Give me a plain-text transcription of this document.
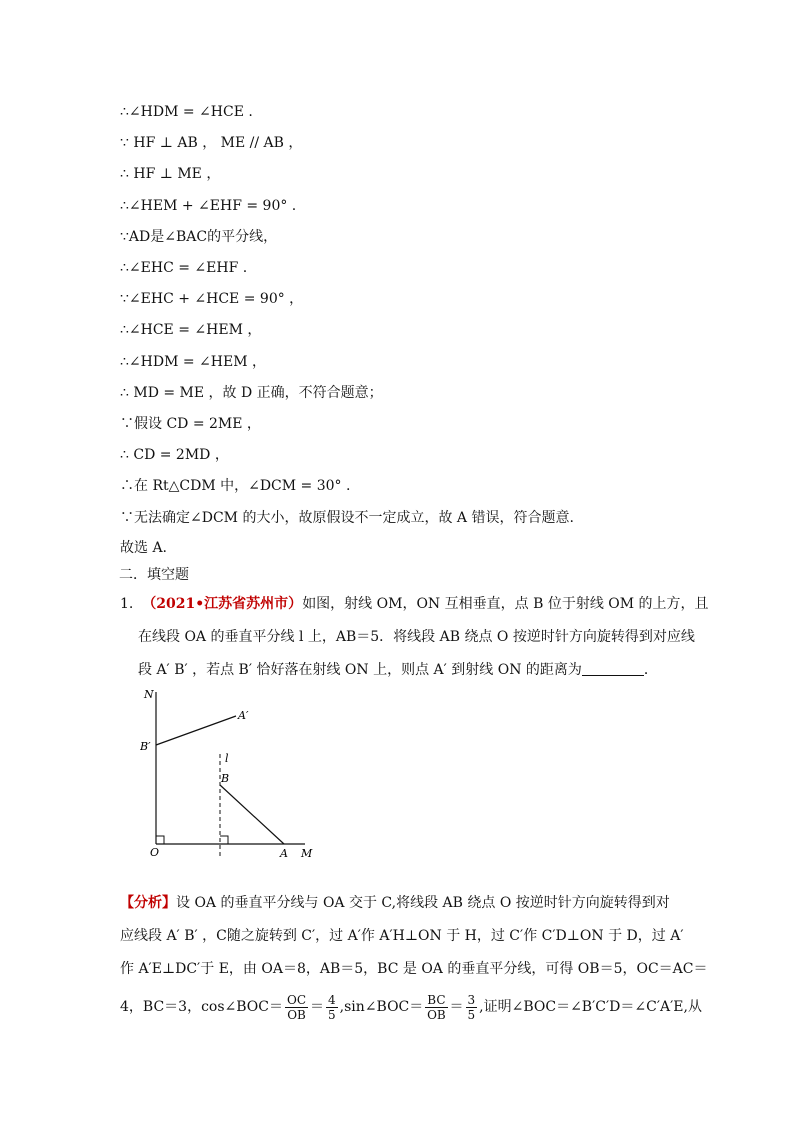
∴∠HDM = ∠HCE .
∵ HF ⊥ AB ， ME // AB ，
∴ HF ⊥ ME ，
∴∠HEM + ∠EHF = 90° .
∵AD是∠BAC的平分线，
∴∠EHC = ∠EHF .
∵∠EHC + ∠HCE = 90° ，
∴∠HCE = ∠HEM ，
∴∠HDM = ∠HEM ，
∴ MD = ME ，故 D 正确，不符合题意；
∵假设 CD = 2ME ，
∴ CD = 2MD ，
∴在 Rt△CDM 中，∠DCM = 30° .
∵无法确定∠DCM 的大小，故原假设不一定成立，故 A 错误，符合题意.
故选 A.
二．填空题
1. （2021•江苏省苏州市）如图，射线 OM，ON 互相垂直，点 B 位于射线 OM 的上方，且
在线段 OA 的垂直平分线 l 上，AB＝5．将线段 AB 绕点 O 按逆时针方向旋转得到对应线
段 A′ B′ ，若点 B′ 恰好落在射线 ON 上，则点 A′ 到射线 ON 的距离为	．
N
A′
B′
l
B
O	A M
【分析】设 OA 的垂直平分线与 OA 交于 C,将线段 AB 绕点 O 按逆时针方向旋转得到对
应线段 A′ B′ ，C随之旋转到 C′，过 A′作 A′H⊥ON 于 H，过 C′作 C′D⊥ON 于 D，过 A′
作 A′E⊥DC′于 E，由 OA＝8，AB＝5，BC 是 OA 的垂直平分线，可得 OB＝5，OC＝AC＝
4，BC＝3，cos∠BOC＝ $\frac{OC}{OB} = \frac{4}{5}$ ,sin∠BOC＝ $\frac{BC}{OB} = \frac{3}{5}$ ,证明∠BOC＝∠B′C′D＝∠C′A′E,从
